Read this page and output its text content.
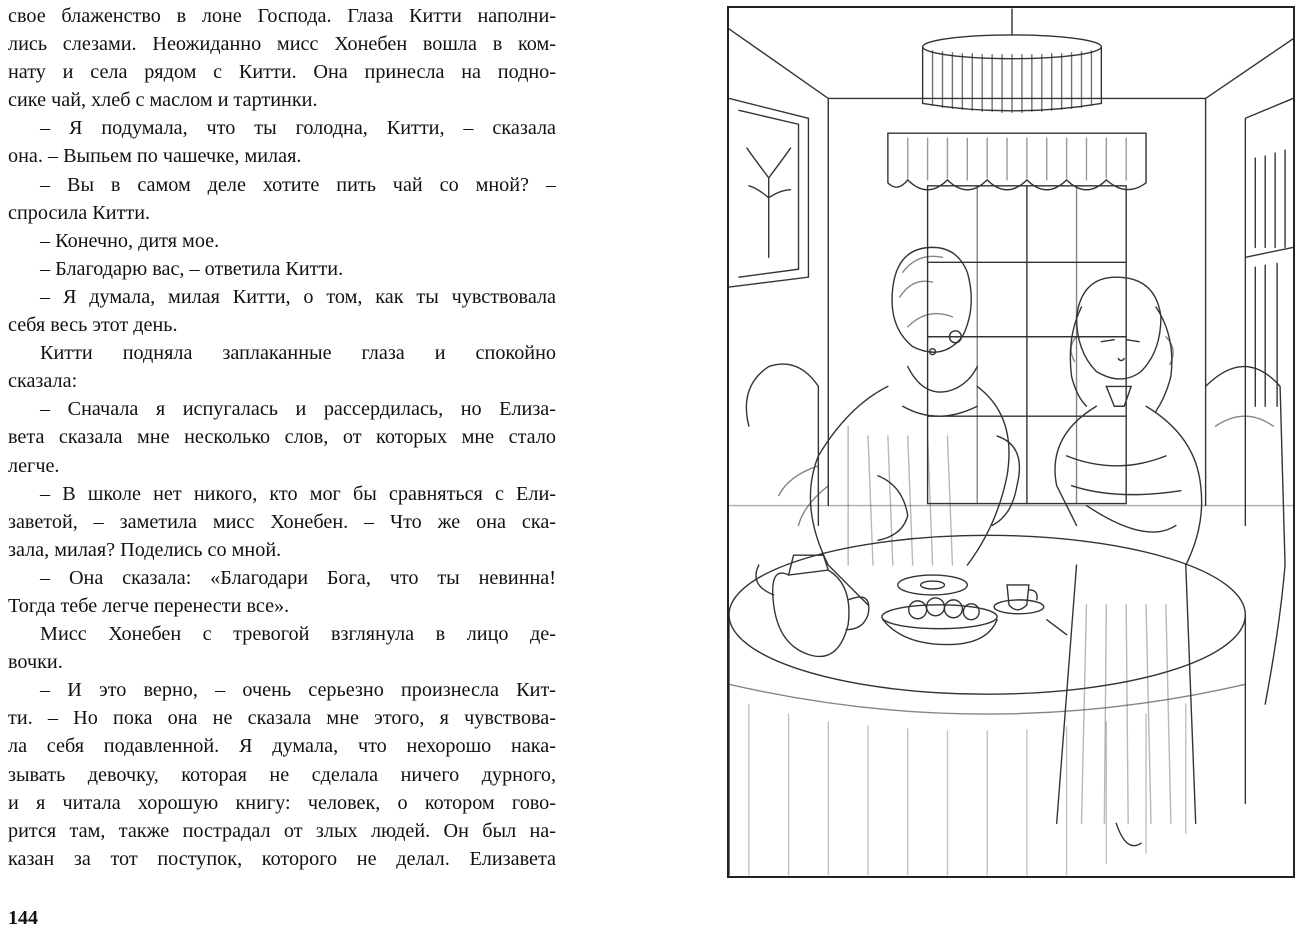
свое блаженство в лоне Господа. Глаза Китти наполни-
лись слезами. Неожиданно мисс Хонебен вошла в ком-
нату и села рядом с Китти. Она принесла на подно-
сике чай, хлеб с маслом и тартинки.
– Я подумала, что ты голодна, Китти, – сказала
она. – Выпьем по чашечке, милая.
– Вы в самом деле хотите пить чай со мной? –
спросила Китти.
– Конечно, дитя мое.
– Благодарю вас, – ответила Китти.
– Я думала, милая Китти, о том, как ты чувствовала
себя весь этот день.
Китти подняла заплаканные глаза и спокойно
сказала:
– Сначала я испугалась и рассердилась, но Елиза-
вета сказала мне несколько слов, от которых мне стало
легче.
– В школе нет никого, кто мог бы сравняться с Ели-
заветой, – заметила мисс Хонебен. – Что же она ска-
зала, милая? Поделись со мной.
– Она сказала: «Благодари Бога, что ты невинна!
Тогда тебе легче перенести все».
Мисс Хонебен с тревогой взглянула в лицо де-
вочки.
– И это верно, – очень серьезно произнесла Кит-
ти. – Но пока она не сказала мне этого, я чувствова-
ла себя подавленной. Я думала, что нехорошо нака-
зывать девочку, которая не сделала ничего дурного,
и я читала хорошую книгу: человек, о котором гово-
рится там, также пострадал от злых людей. Он был на-
казан за тот поступок, которого не делал. Елизавета
144
